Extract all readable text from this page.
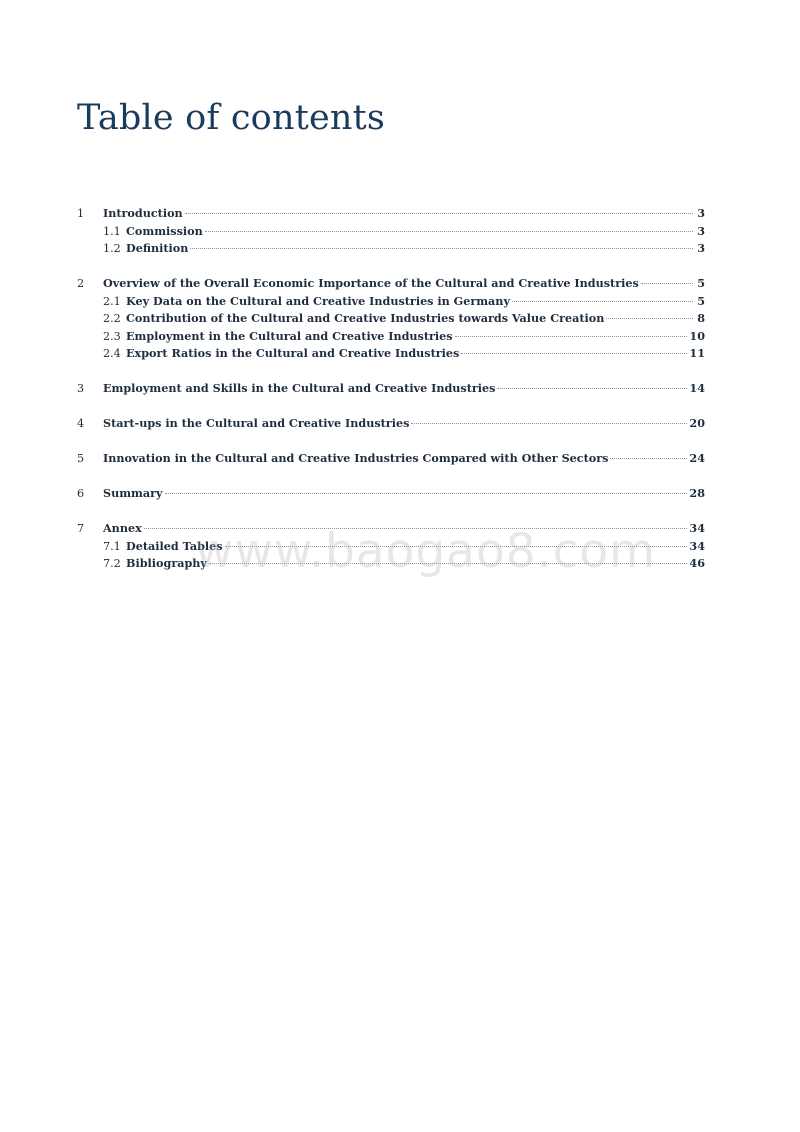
Table of contents
1	Introduction	3
1.1 Commission	3
1.2 Definition	3
2	Overview of the Overall Economic Importance of the Cultural and Creative Industries	5
2.1 Key Data on the Cultural and Creative Industries in Germany	5
2.2 Contribution of the Cultural and Creative Industries towards Value Creation	8
2.3 Employment in the Cultural and Creative Industries	10
2.4 Export Ratios in the Cultural and Creative Industries	11
3	Employment and Skills in the Cultural and Creative Industries	14
4	Start-ups in the Cultural and Creative Industries	20
5	Innovation in the Cultural and Creative Industries Compared with Other Sectors	24
6	Summary	28
7	Annex	34
7.1 Detailed Tables	34
7.2 Bibliography	46
www.baogao8.com
